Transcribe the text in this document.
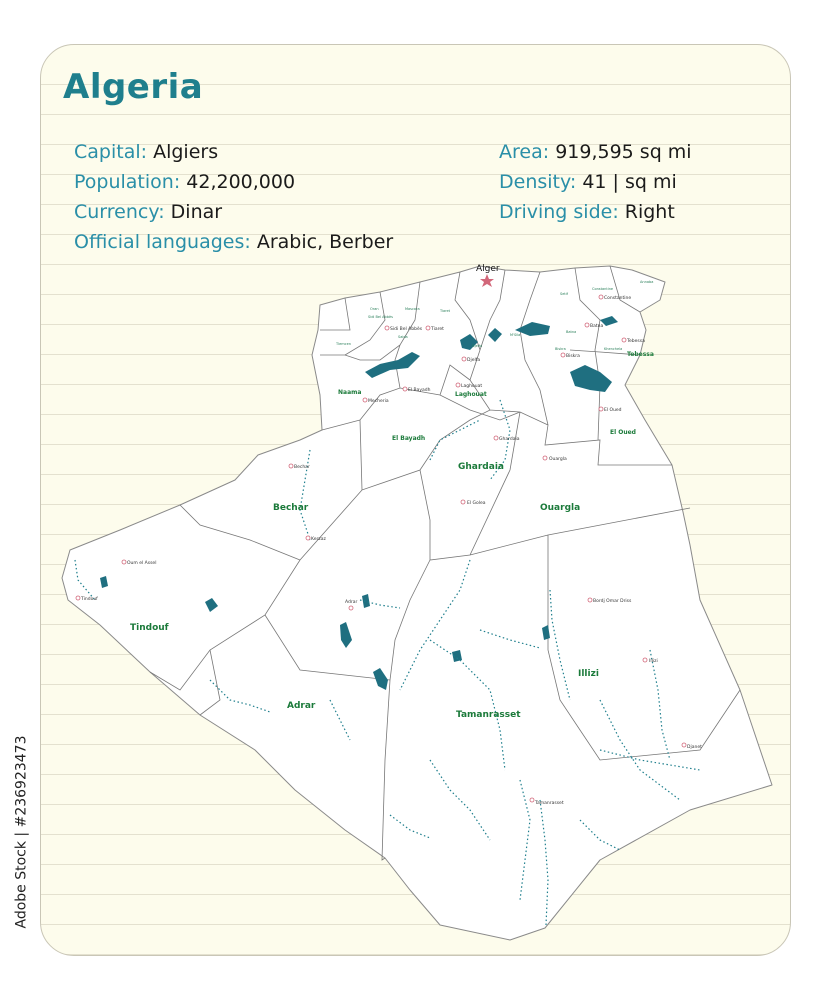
Algeria
Capital: Algiers
Population: 42,200,000
Currency: Dinar
Official languages: Arabic, Berber
Area: 919,595 sq mi
Density: 41 | sq mi
Driving side: Right
Alger
Adrar
Tamanrasset
Illizi
Djanet
Ouargla
Ghardaia
El Golea
Bechar
Kerzaz
Tindouf
Oum el Assel
El Bayadh
Mecheria
Laghouat
Djelfa
El Oued
Biskra
Bordj Omar Driss
Sidi Bel Abbès Tiaret
Batna
Constantine
Tebessa
Tlemcen
Oran
Sidi Bel Abbès
Mascara
Saida
Tiaret
Djelfa
M'Sila
Setif
Batna
Constantine
Annaba
Khenchela
Biskra
Adrar
Tamanrasset
Illizi
Ouargla
Ghardaia
Bechar
Tindouf
El Bayadh
Naama	Laghouat
El Oued
Tebessa
Adobe Stock | #236923473
